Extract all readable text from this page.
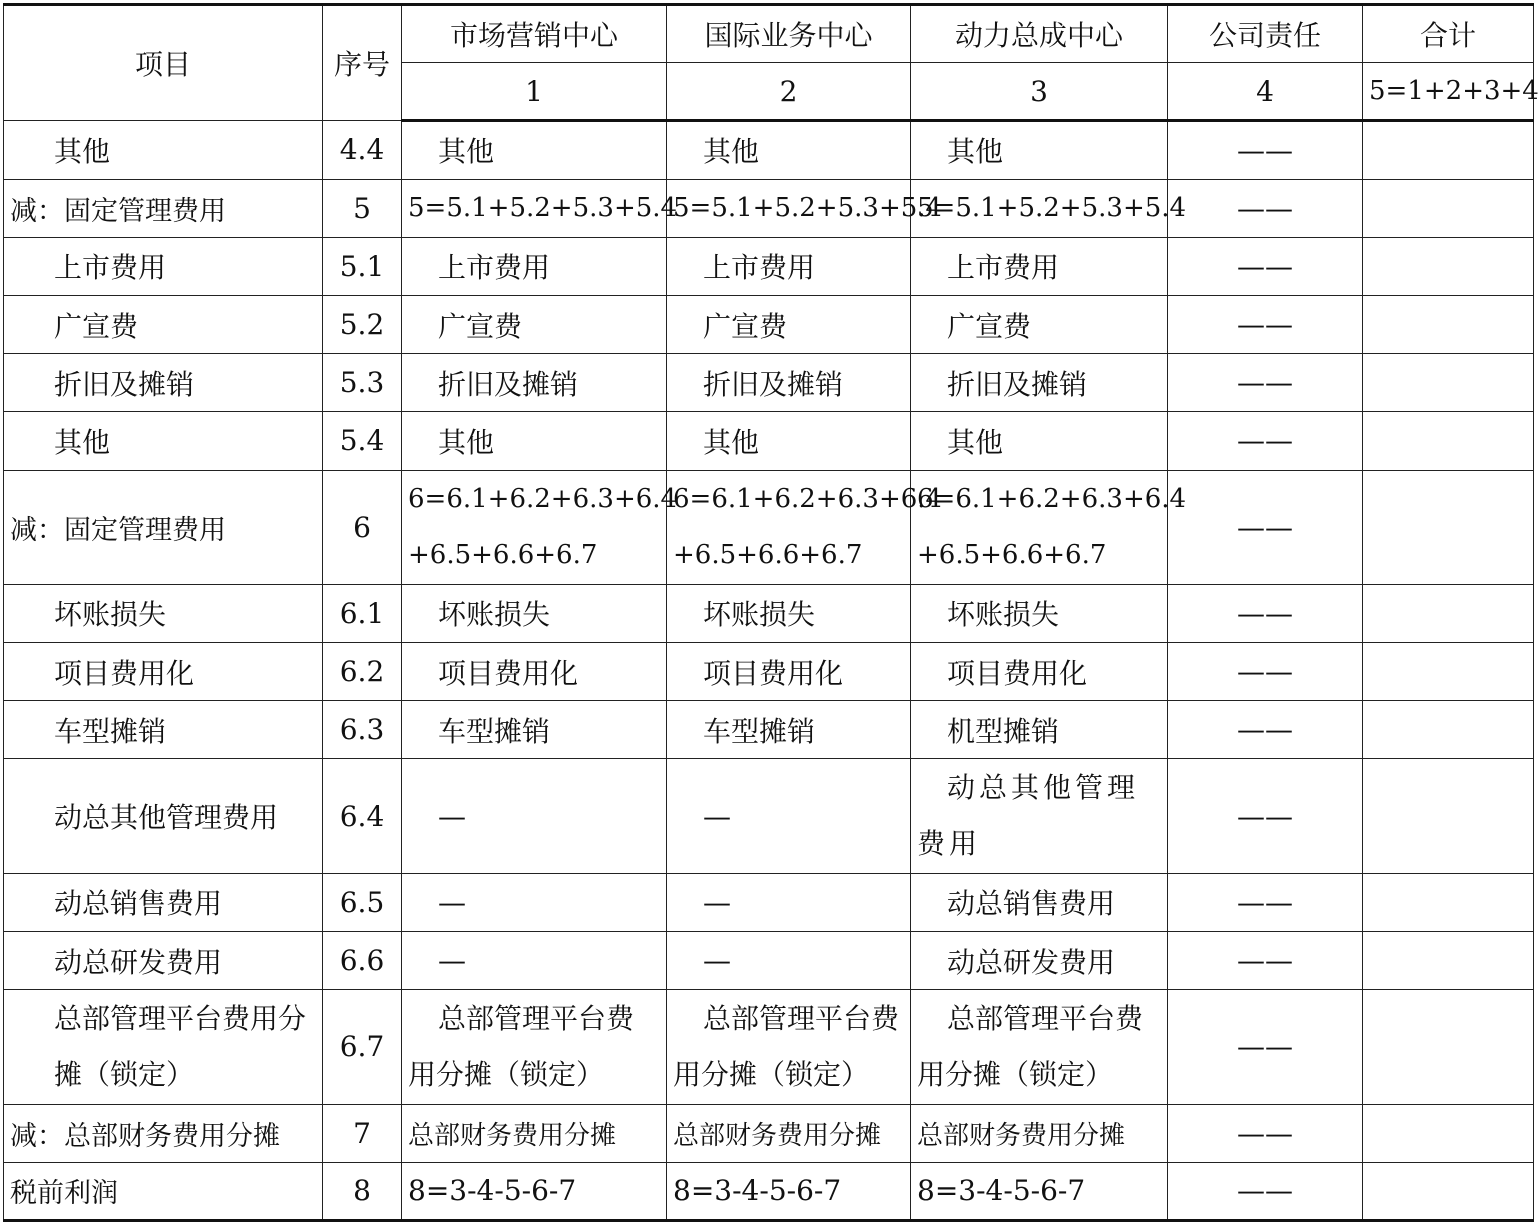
项目	序号	市场营销中心	国际业务中心	动力总成中心	公司责任	合计
		1	2	3	4	5=1+2+3+4
其他	4.4	其他	其他	其他	——	
减：固定管理费用	5	5=5.1+5.2+5.3+5.4	5=5.1+5.2+5.3+5.4	5=5.1+5.2+5.3+5.4	——	
上市费用	5.1	上市费用	上市费用	上市费用	——	
广宣费	5.2	广宣费	广宣费	广宣费	——	
折旧及摊销	5.3	折旧及摊销	折旧及摊销	折旧及摊销	——	
其他	5.4	其他	其他	其他	——	
减：固定管理费用	6	6=6.1+6.2+6.3+6.4 +6.5+6.6+6.7	6=6.1+6.2+6.3+6.4 +6.5+6.6+6.7	6=6.1+6.2+6.3+6.4 +6.5+6.6+6.7	——	
坏账损失	6.1	坏账损失	坏账损失	坏账损失	——	
项目费用化	6.2	项目费用化	项目费用化	项目费用化	——	
车型摊销	6.3	车型摊销	车型摊销	机型摊销	——	
动总其他管理费用	6.4	—	—	动总其他管理费用	——	
动总销售费用	6.5	—	—	动总销售费用	——	
动总研发费用	6.6	—	—	动总研发费用	——	
总部管理平台费用分摊（锁定）	6.7	总部管理平台费用分摊（锁定）	总部管理平台费用分摊（锁定）	总部管理平台费用分摊（锁定）	——	
减：总部财务费用分摊	7	总部财务费用分摊	总部财务费用分摊	总部财务费用分摊	——	
税前利润	8	8=3-4-5-6-7	8=3-4-5-6-7	8=3-4-5-6-7	——	
